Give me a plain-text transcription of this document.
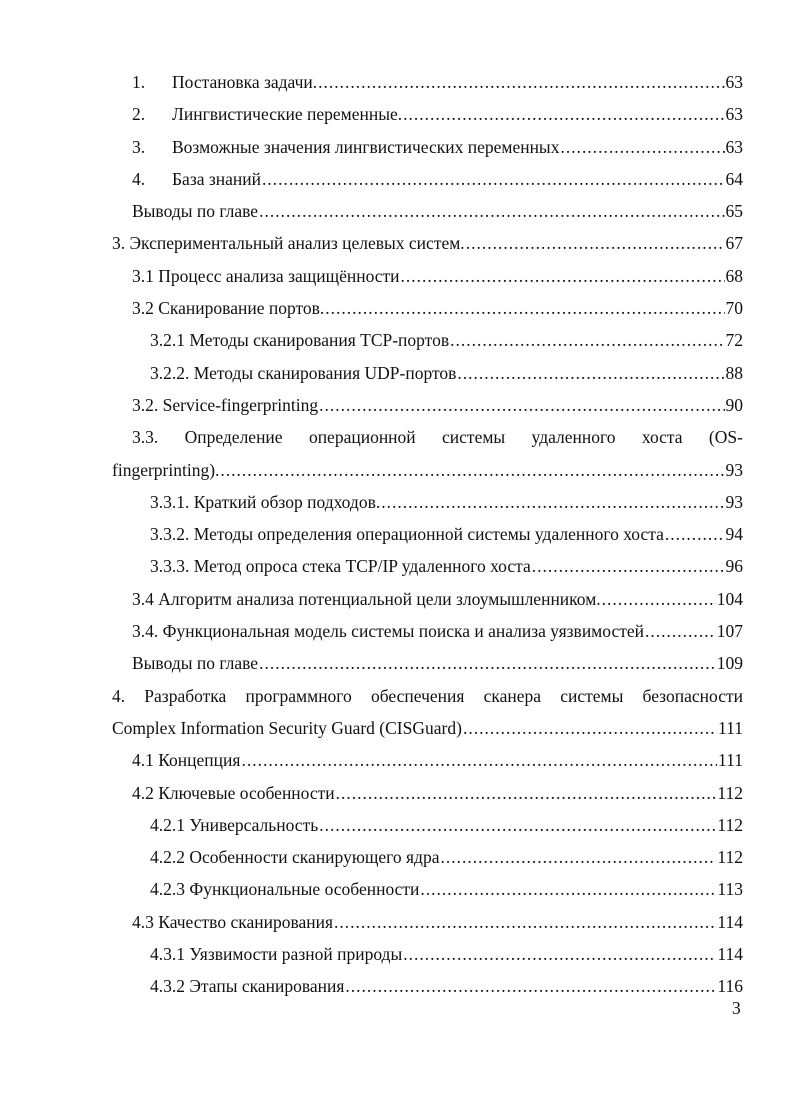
1.	Постановка задачи. .....	63
2.	Лингвистические переменные. .....	63
3.	Возможные значения лингвистических переменных .....	63
4.	База знаний .....	64
Выводы по главе .....	65
3. Экспериментальный анализ целевых систем. .....	67
3.1 Процесс анализа защищённости .....	68
3.2 Сканирование портов. .....	70
3.2.1 Методы сканирования TCP-портов .....	72
3.2.2. Методы сканирования UDP-портов .....	88
3.2. Service-fingerprinting .....	90
3.3. Определение операционной системы удаленного хоста (OS-
fingerprinting). .....	93
3.3.1. Краткий обзор подходов. .....	93
3.3.2. Методы определения операционной системы удаленного хоста .....	94
3.3.3. Метод опроса стека TCP/IP удаленного хоста .....	96
3.4 Алгоритм анализа потенциальной цели злоумышленником. .....	104
3.4. Функциональная модель системы поиска и анализа уязвимостей .....	107
Выводы по главе .....	109
4. Разработка программного обеспечения сканера системы безопасности
Complex Information Security Guard (CISGuard) .....	111
4.1 Концепция .....	111
4.2 Ключевые особенности .....	112
4.2.1 Универсальность .....	112
4.2.2 Особенности сканирующего ядра .....	112
4.2.3 Функциональные особенности .....	113
4.3 Качество сканирования .....	114
4.3.1 Уязвимости разной природы .....	114
4.3.2 Этапы сканирования .....	116
3
